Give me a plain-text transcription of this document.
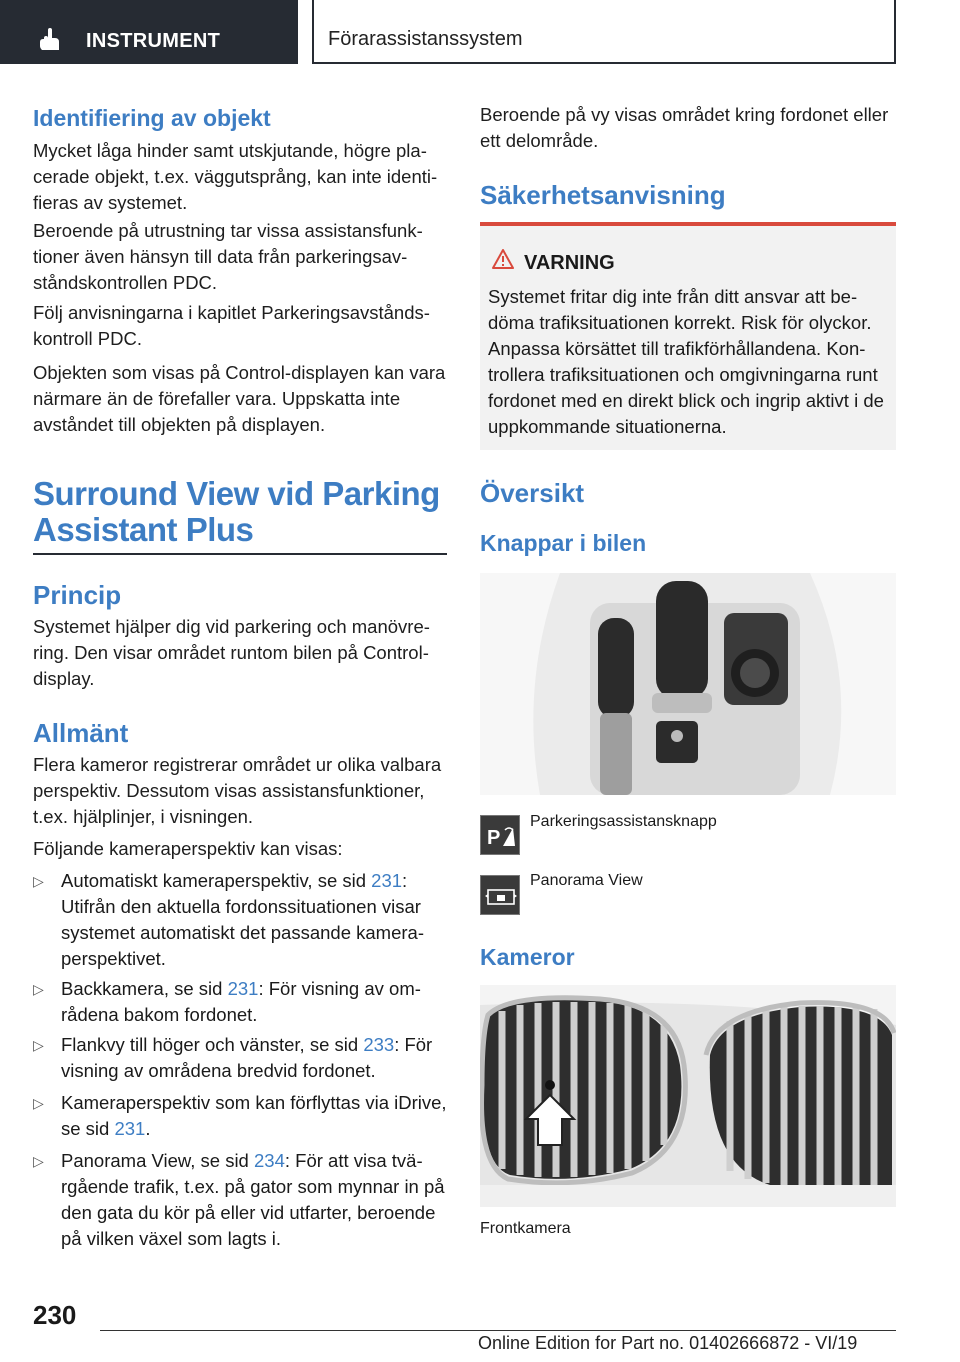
INSTRUMENT	Förarassistanssystem
Identifiering av objekt

Mycket låga hinder samt utskjutande, högre placerade objekt, t.ex. väggutsprång, kan inte identifieras av systemet.

Beroende på utrustning tar vissa assistansfunktioner även hänsyn till data från parkeringsavståndskontrollen PDC.

Följ anvisningarna i kapitlet Parkeringsavståndskontroll PDC.

Objekten som visas på Control-displayen kan vara närmare än de förefaller vara. Uppskatta inte avståndet till objekten på displayen.

Surround View vid Parking
Assistant Plus
Princip

Systemet hjälper dig vid parkering och manövrering. Den visar området runtom bilen på Control-display.

Allmänt

Flera kameror registrerar området ur olika valbara perspektiv. Dessutom visas assistansfunktioner, t.ex. hjälplinjer, i visningen.

Följande kameraperspektiv kan visas:

▷ Automatiskt kameraperspektiv, se sid 231: Utifrån den aktuella fordonssituationen visar systemet automatiskt det passande kameraperspektivet.

▷ Backkamera, se sid 231: För visning av områdena bakom fordonet.

▷ Flankvy till höger och vänster, se sid 233: För visning av områdena bredvid fordonet.

▷ Kameraperspektiv som kan förflyttas via iDrive, se sid 231.

▷ Panorama View, se sid 234: För att visa tvärgående trafik, t.ex. på gator som mynnar in på den gata du kör på eller vid utfarter, beroende på vilken växel som lagts i.

Beroende på vy visas området kring fordonet eller ett delområde.

Säkerhetsanvisning
VARNING

Systemet fritar dig inte från ditt ansvar att bedöma trafiksituationen korrekt. Risk för olyckor. Anpassa körsättet till trafikförhållandena. Kontrollera trafiksituationen och omgivningarna runt fordonet med en direkt blick och ingrip aktivt i de uppkommande situationerna.

Översikt
Knappar i bilen
P
Parkeringsassistansknapp
Panorama View
Kameror
Frontkamera
230
Online Edition for Part no. 01402666872 - VI/19
